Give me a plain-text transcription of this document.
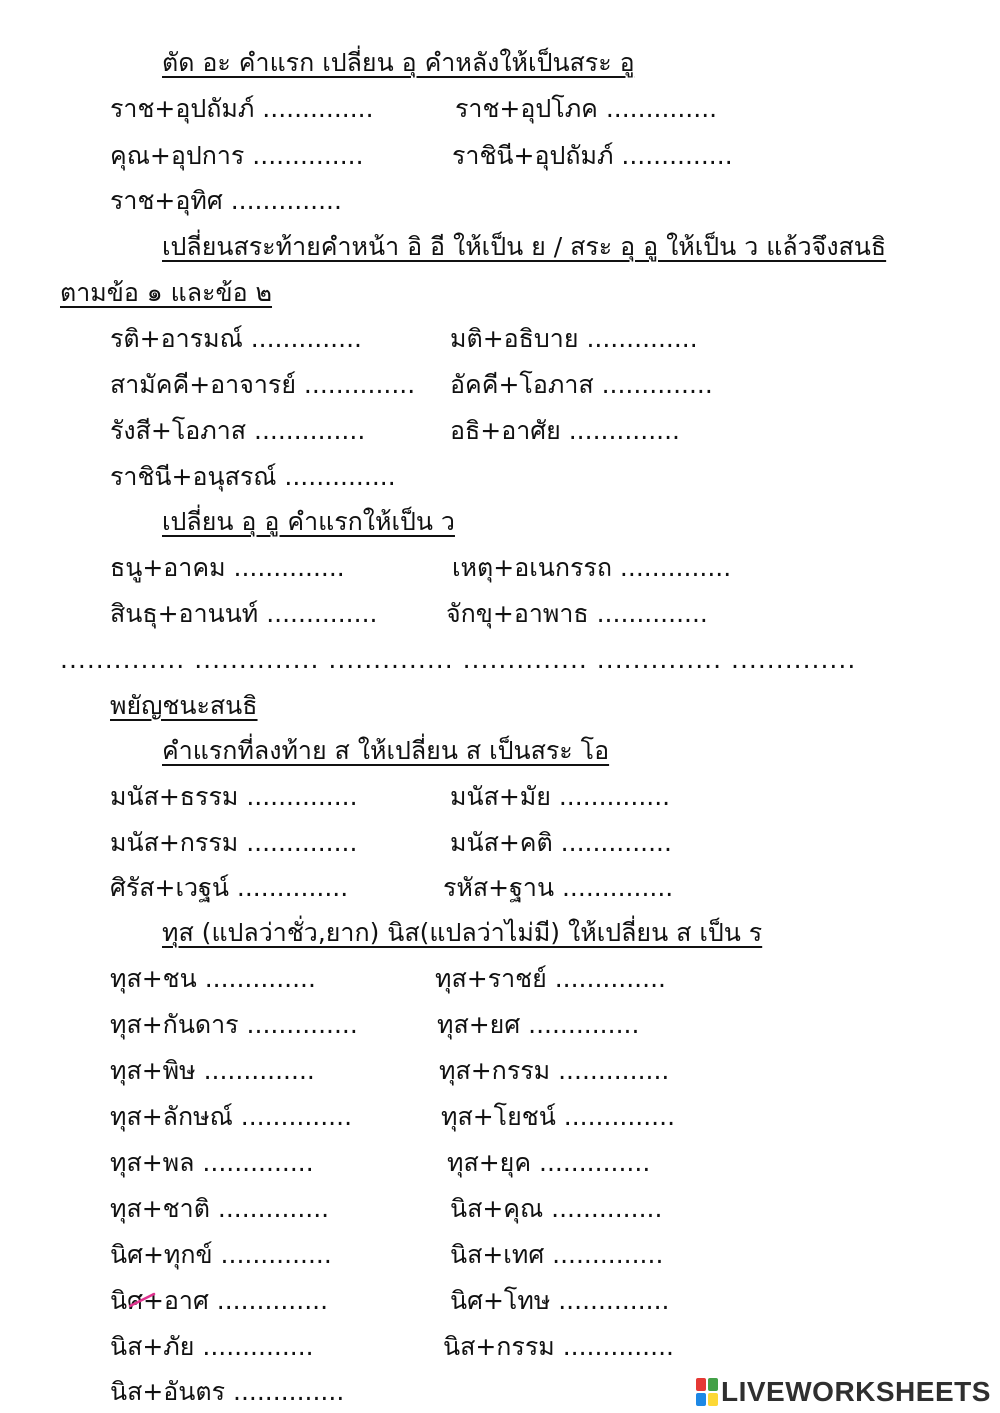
ตัด อะ คำแรก เปลี่ยน อุ คำหลังให้เป็นสระ อู
ราช+อุปถัมภ์ ..............	ราช+อุปโภค ..............
คุณ+อุปการ ..............	ราชินี+อุปถัมภ์ ..............
ราช+อุทิศ ..............
เปลี่ยนสระท้ายคำหน้า อิ อี ให้เป็น ย / สระ อุ อู ให้เป็น ว แล้วจึงสนธิ
ตามข้อ ๑ และข้อ ๒
รติ+อารมณ์ ..............	มติ+อธิบาย ..............
สามัคคี+อาจารย์ .............. อัคคี+โอภาส ..............
รังสี+โอภาส ..............	อธิ+อาศัย ..............
ราชินี+อนุสรณ์ ..............
เปลี่ยน อุ อู คำแรกให้เป็น ว
ธนู+อาคม ..............	เหตุ+อเนกรรถ ..............
สินธุ+อานนท์ ..............	จักขุ+อาพาธ ..............
.............. .............. .............. .............. .............. ..............
พยัญชนะสนธิ
คำแรกที่ลงท้าย ส ให้เปลี่ยน ส เป็นสระ โอ
มนัส+ธรรม ..............	มนัส+มัย ..............
มนัส+กรรม ..............	มนัส+คติ ..............
ศิรัส+เวฐน์ ..............	รหัส+ฐาน ..............
ทุส (แปลว่าชั่ว,ยาก) นิส(แปลว่าไม่มี) ให้เปลี่ยน ส เป็น ร
ทุส+ชน ..............	ทุส+ราชย์ ..............
ทุส+กันดาร ..............	ทุส+ยศ ..............
ทุส+พิษ ..............	ทุส+กรรม ..............
ทุส+ลักษณ์ ..............	ทุส+โยชน์ ..............
ทุส+พล ..............	ทุส+ยุค ..............
ทุส+ชาติ ..............	นิส+คุณ ..............
นิศ+ทุกข์ ..............	นิส+เทศ ..............
นิศ+อาศ ..............	นิศ+โทษ ..............
นิส+ภัย ..............	นิส+กรรม ..............
นิส+อันตร ..............	LIVEWORKSHEETS
